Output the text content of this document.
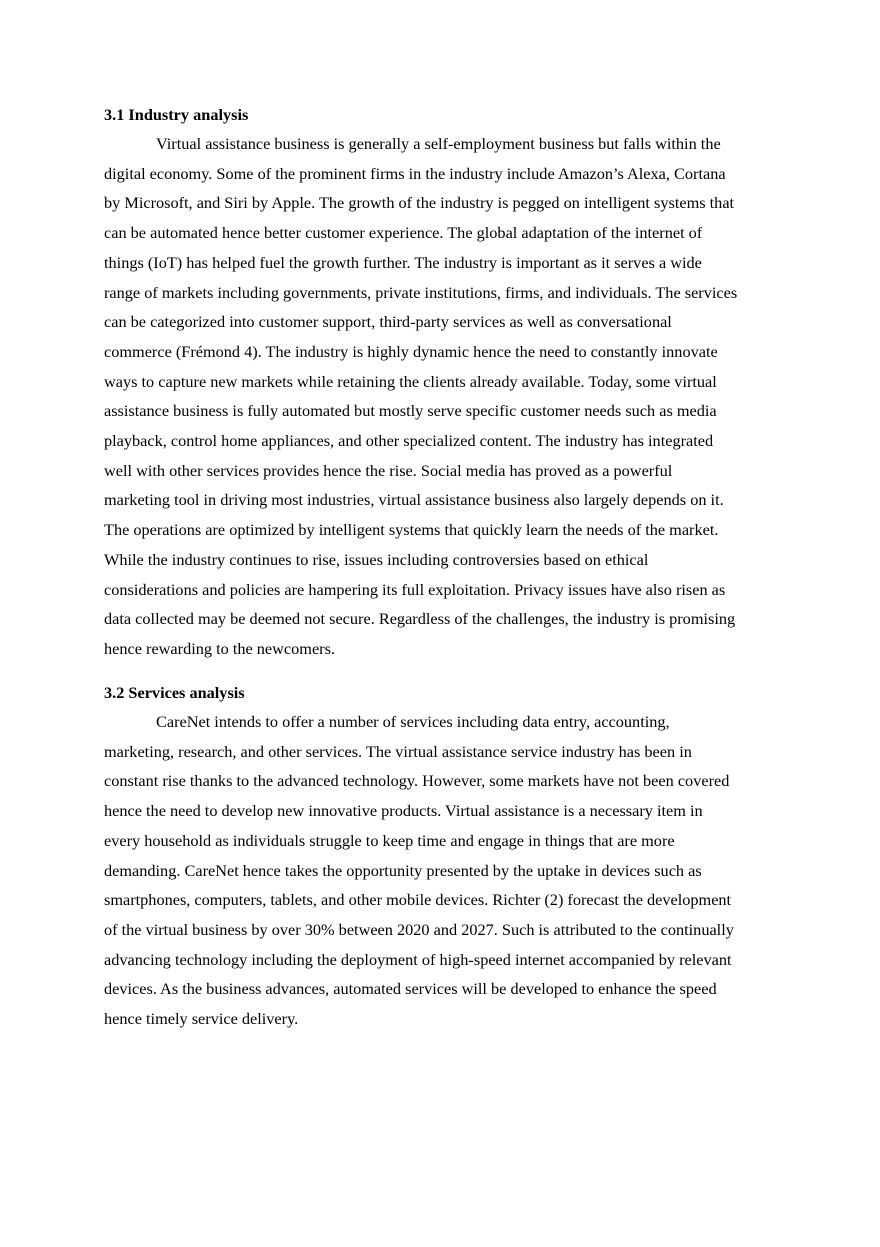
3.1 Industry analysis
Virtual assistance business is generally a self-employment business but falls within the
digital economy. Some of the prominent firms in the industry include Amazon’s Alexa, Cortana
by Microsoft, and Siri by Apple. The growth of the industry is pegged on intelligent systems that
can be automated hence better customer experience. The global adaptation of the internet of
things (IoT) has helped fuel the growth further. The industry is important as it serves a wide
range of markets including governments, private institutions, firms, and individuals. The services
can be categorized into customer support, third-party services as well as conversational
commerce (Frémond 4). The industry is highly dynamic hence the need to constantly innovate
ways to capture new markets while retaining the clients already available. Today, some virtual
assistance business is fully automated but mostly serve specific customer needs such as media
playback, control home appliances, and other specialized content. The industry has integrated
well with other services provides hence the rise. Social media has proved as a powerful
marketing tool in driving most industries, virtual assistance business also largely depends on it.
The operations are optimized by intelligent systems that quickly learn the needs of the market.
While the industry continues to rise, issues including controversies based on ethical
considerations and policies are hampering its full exploitation. Privacy issues have also risen as
data collected may be deemed not secure. Regardless of the challenges, the industry is promising
hence rewarding to the newcomers.
3.2 Services analysis
CareNet intends to offer a number of services including data entry, accounting,
marketing, research, and other services. The virtual assistance service industry has been in
constant rise thanks to the advanced technology. However, some markets have not been covered
hence the need to develop new innovative products. Virtual assistance is a necessary item in
every household as individuals struggle to keep time and engage in things that are more
demanding. CareNet hence takes the opportunity presented by the uptake in devices such as
smartphones, computers, tablets, and other mobile devices. Richter (2) forecast the development
of the virtual business by over 30% between 2020 and 2027. Such is attributed to the continually
advancing technology including the deployment of high-speed internet accompanied by relevant
devices. As the business advances, automated services will be developed to enhance the speed
hence timely service delivery.
